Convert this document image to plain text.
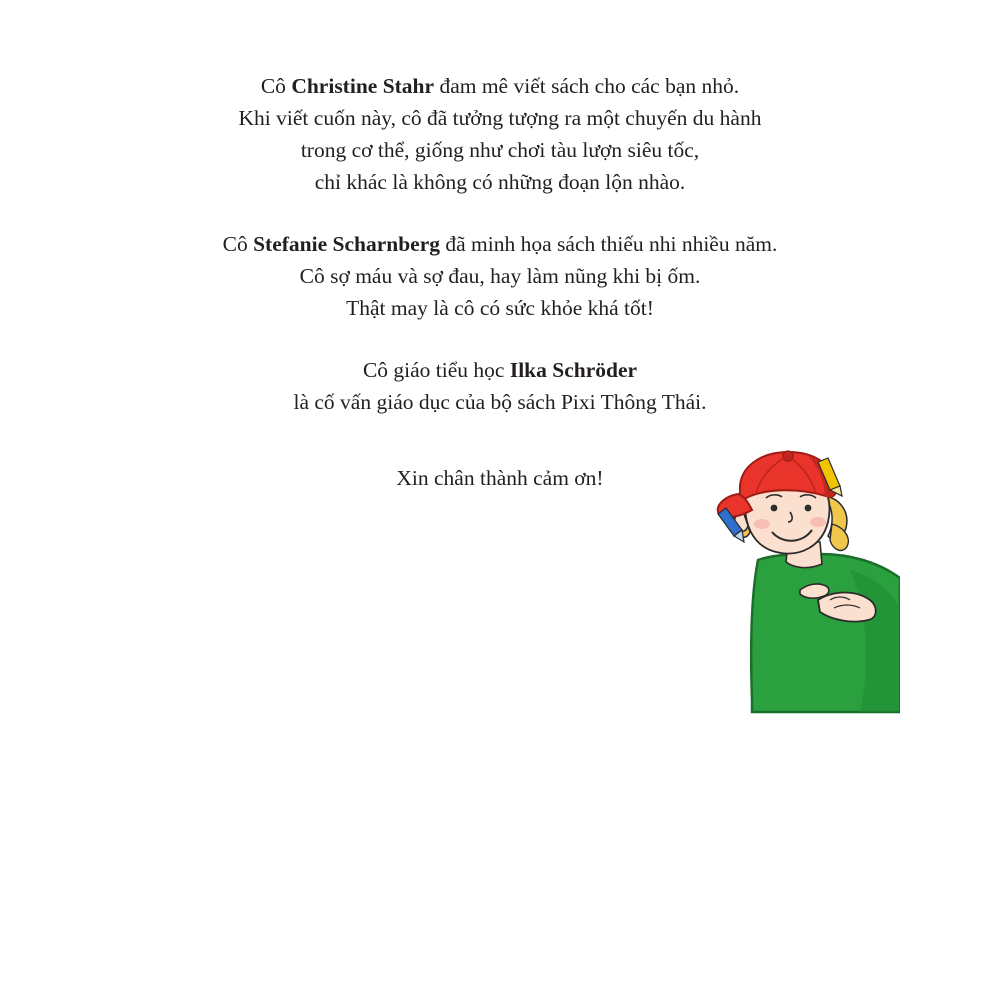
Cô Christine Stahr đam mê viết sách cho các bạn nhỏ.
Khi viết cuốn này, cô đã tưởng tượng ra một chuyến du hành
trong cơ thể, giống như chơi tàu lượn siêu tốc,
chỉ khác là không có những đoạn lộn nhào.
Cô Stefanie Scharnberg đã minh họa sách thiếu nhi nhiều năm.
Cô sợ máu và sợ đau, hay làm nũng khi bị ốm.
Thật may là cô có sức khỏe khá tốt!
Cô giáo tiểu học Ilka Schröder
là cố vấn giáo dục của bộ sách Pixi Thông Thái.
Xin chân thành cảm ơn!
